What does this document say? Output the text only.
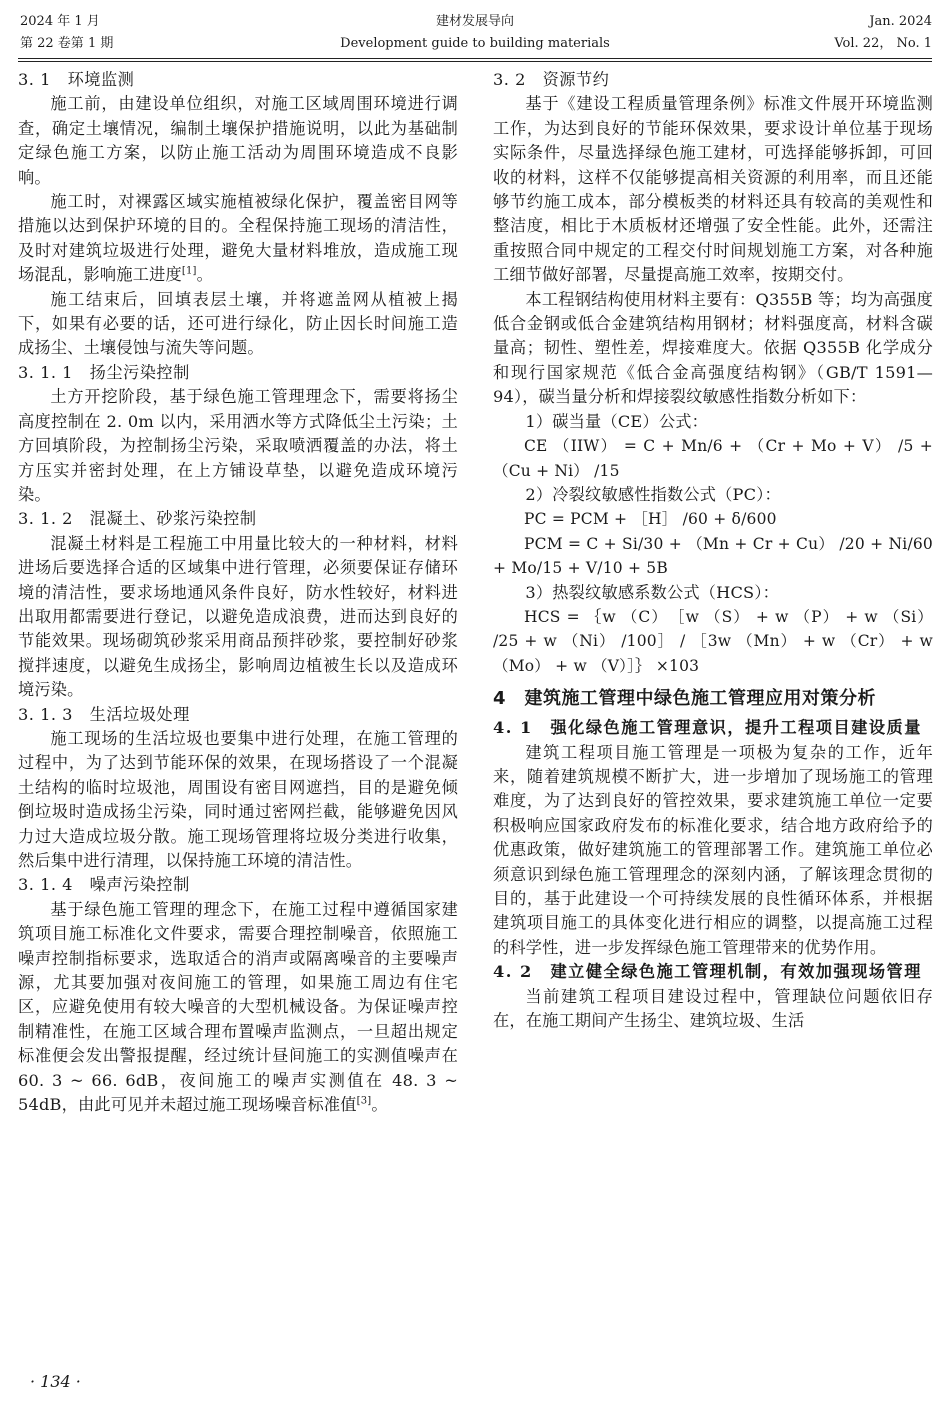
2024 年 1 月
第 22 卷第 1 期
建材发展导向
Development guide to building materials
Jan. 2024
Vol. 22， No. 1
3. 1　环境监测

施工前，由建设单位组织，对施工区域周围环境进行调查，确定土壤情况，编制土壤保护措施说明，以此为基础制定绿色施工方案，以防止施工活动为周围环境造成不良影响。

施工时，对裸露区域实施植被绿化保护，覆盖密目网等措施以达到保护环境的目的。全程保持施工现场的清洁性，及时对建筑垃圾进行处理，避免大量材料堆放，造成施工现场混乱，影响施工进度[1]。

施工结束后，回填表层土壤，并将遮盖网从植被上揭下，如果有必要的话，还可进行绿化，防止因长时间施工造成扬尘、土壤侵蚀与流失等问题。

3. 1. 1　扬尘污染控制

土方开挖阶段，基于绿色施工管理理念下，需要将扬尘高度控制在 2. 0m 以内，采用洒水等方式降低尘土污染；土方回填阶段，为控制扬尘污染，采取喷洒覆盖的办法，将土方压实并密封处理，在上方铺设草垫，以避免造成环境污染。

3. 1. 2　混凝土、砂浆污染控制

混凝土材料是工程施工中用量比较大的一种材料，材料进场后要选择合适的区域集中进行管理，必须要保证存储环境的清洁性，要求场地通风条件良好，防水性较好，材料进出取用都需要进行登记，以避免造成浪费，进而达到良好的节能效果。现场砌筑砂浆采用商品预拌砂浆，要控制好砂浆搅拌速度，以避免生成扬尘，影响周边植被生长以及造成环境污染。

3. 1. 3　生活垃圾处理

施工现场的生活垃圾也要集中进行处理，在施工管理的过程中，为了达到节能环保的效果，在现场搭设了一个混凝土结构的临时垃圾池，周围设有密目网遮挡，目的是避免倾倒垃圾时造成扬尘污染，同时通过密网拦截，能够避免因风力过大造成垃圾分散。施工现场管理将垃圾分类进行收集，然后集中进行清理，以保持施工环境的清洁性。

3. 1. 4　噪声污染控制

基于绿色施工管理的理念下，在施工过程中遵循国家建筑项目施工标准化文件要求，需要合理控制噪音，依照施工噪声控制指标要求，选取适合的消声或隔离噪音的主要噪声源，尤其要加强对夜间施工的管理，如果施工周边有住宅区，应避免使用有较大噪音的大型机械设备。为保证噪声控制精准性，在施工区域合理布置噪声监测点，一旦超出规定标准便会发出警报提醒，经过统计昼间施工的实测值噪声在 60. 3 ~ 66. 6dB，夜间施工的噪声实测值在 48. 3 ~ 54dB，由此可见并未超过施工现场噪音标准值[3]。

3. 2　资源节约

基于《建设工程质量管理条例》标准文件展开环境监测工作，为达到良好的节能环保效果，要求设计单位基于现场实际条件，尽量选择绿色施工建材，可选择能够拆卸，可回收的材料，这样不仅能够提高相关资源的利用率，而且还能够节约施工成本，部分模板类的材料还具有较高的美观性和整洁度，相比于木质板材还增强了安全性能。此外，还需注重按照合同中规定的工程交付时间规划施工方案，对各种施工细节做好部署，尽量提高施工效率，按期交付。

本工程钢结构使用材料主要有：Q355B 等；均为高强度低合金钢或低合金建筑结构用钢材；材料强度高，材料含碳量高；韧性、塑性差，焊接难度大。依据 Q355B 化学成分和现行国家规范《低合金高强度结构钢》（GB/T 1591—94），碳当量分析和焊接裂纹敏感性指数分析如下：

1）碳当量（CE）公式：

CE （IIW） = C + Mn/6 + （Cr + Mo + V） /5 + （Cu + Ni） /15

2）冷裂纹敏感性指数公式（PC）：

PC = PCM + ［H］ /60 + δ/600

PCM = C + Si/30 + （Mn + Cr + Cu） /20 + Ni/60 + Mo/15 + V/10 + 5B

3）热裂纹敏感系数公式（HCS）：

HCS = ｛w （C）　［w （S） + w （P） + w （Si） /25 + w （Ni） /100］ / ［3w （Mn） + w （Cr） + w（Mo） + w （V）］｝ ×103

4　建筑施工管理中绿色施工管理应用对策分析
4. 1　强化绿色施工管理意识，提升工程项目建设质量

建筑工程项目施工管理是一项极为复杂的工作，近年来，随着建筑规模不断扩大，进一步增加了现场施工的管理难度，为了达到良好的管控效果，要求建筑施工单位一定要积极响应国家政府发布的标准化要求，结合地方政府给予的优惠政策，做好建筑施工的管理部署工作。建筑施工单位必须意识到绿色施工管理理念的深刻内涵，了解该理念贯彻的目的，基于此建设一个可持续发展的良性循环体系，并根据建筑项目施工的具体变化进行相应的调整，以提高施工过程的科学性，进一步发挥绿色施工管理带来的优势作用。

4. 2　建立健全绿色施工管理机制，有效加强现场管理

当前建筑工程项目建设过程中，管理缺位问题依旧存在，在施工期间产生扬尘、建筑垃圾、生活

· 134 ·
